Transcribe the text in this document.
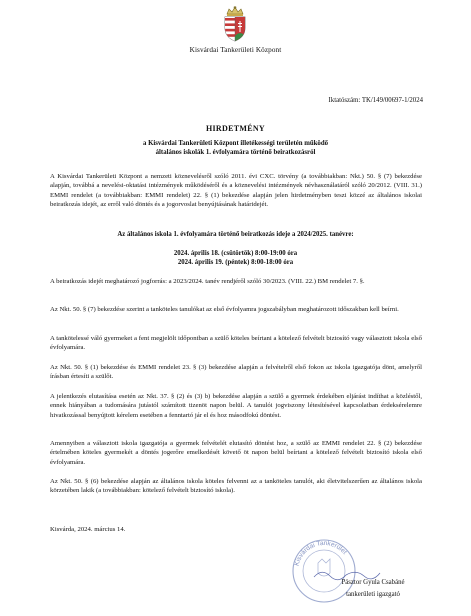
Kisvárdai Tankerületi Központ
Iktatószám: TK/149/00697-1/2024
HIRDETMÉNY
a Kisvárdai Tankerületi Központ illetékességi területén működő
általános iskolák 1. évfolyamára történő beiratkozásról
A Kisvárdai Tankerületi Központ a nemzeti köznevelésről szóló 2011. évi CXC. törvény (a továbbiakban: Nkt.) 50. § (7) bekezdése alapján, továbbá a nevelési-oktatási intézmények működéséről és a köznevelési intézmények névhasználatáról szóló 20/2012. (VIII. 31.) EMMI rendelet (a továbbiakban: EMMI rendelet) 22. § (1) bekezdése alapján jelen hirdetményben teszi közzé az általános iskolai beiratkozás idejét, az erről való döntés és a jogorvoslat benyújtásának határidejét.
Az általános iskola 1. évfolyamára történő beiratkozás ideje a 2024/2025. tanévre:
2024. április 18. (csütörtök) 8:00-19:00 óra
2024. április 19. (péntek) 8:00-18:00 óra
A beiratkozás idejét meghatározó jogforrás: a 2023/2024. tanév rendjéről szóló 30/2023. (VIII. 22.) BM rendelet 7. §.
Az Nkt. 50. § (7) bekezdése szerint a tanköteles tanulókat az első évfolyamra jogszabályban meghatározott időszakban kell beírni.
A tankötelessé váló gyermeket a fent megjelölt időpontban a szülő köteles beírtani a kötelező felvételt biztosító vagy választott iskola első évfolyamára.
Az Nkt. 50. § (1) bekezdése és EMMI rendelet 23. § (3) bekezdése alapján a felvételről első fokon az iskola igazgatója dönt, amelyről írásban értesíti a szülőt.
A jelentkezés elutasítása esetén az Nkt. 37. § (2) és (3) b) bekezdése alapján a szülő a gyermek érdekében eljárást indíthat a közléstől, ennek hiányában a tudomására jutástól számított tizenöt napon belül. A tanulói jogviszony létesítésével kapcsolatban érdeksérelemre hivatkozással benyújtott kérelem esetében a fenntartó jár el és hoz másodfokú döntést.
Amennyiben a választott iskola igazgatója a gyermek felvételét elutasító döntést hoz, a szülő az EMMI rendelet 22. § (2) bekezdése értelmében köteles gyermekét a döntés jogerőre emelkedését követő öt napon belül beírtani a kötelező felvételt biztosító iskola első évfolyamára.
Az Nkt. 50. § (6) bekezdése alapján az általános iskola köteles felvenni az a tanköteles tanulót, aki életvitelszerűen az általános iskola körzetében lakik (a továbbiakban: kötelező felvételt biztosító iskola).
Kisvárda, 2024. március 14.
Kisvárdai Tankerület
Pásztor Gyula Csabáné
tankerületi igazgató
